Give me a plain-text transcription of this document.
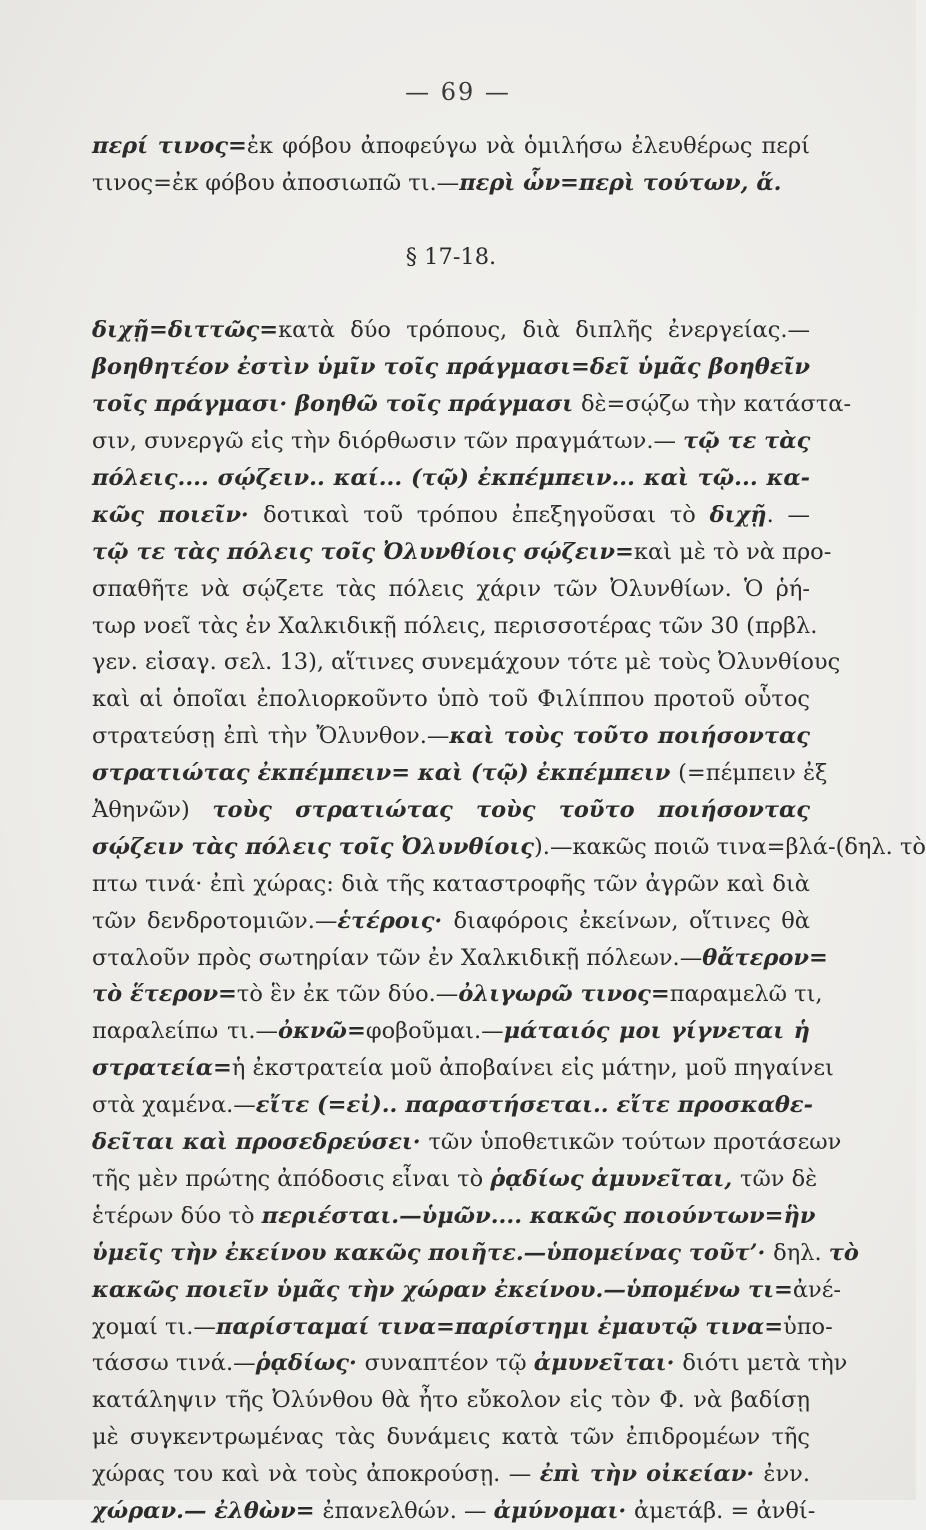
— 69 —
περί τινος=ἐκ φόβου ἀποφεύγω νὰ ὁμιλήσω ἐλευθέρως περί
τινος=ἐκ φόβου ἀποσιωπῶ τι.—περὶ ὧν=περὶ τούτων, ἅ.
§ 17-18.
διχῇ=διττῶς=κατὰ δύο τρόπους, διὰ διπλῆς ἐνεργείας.—
βοηθητέον ἐστὶν ὑμῖν τοῖς πράγμασι=δεῖ ὑμᾶς βοηθεῖν
τοῖς πράγμασι· βοηθῶ τοῖς πράγμασι δὲ=σῴζω τὴν κατάστα-
σιν, συνεργῶ εἰς τὴν διόρθωσιν τῶν πραγμάτων.— τῷ τε τὰς
πόλεις.... σῴζειν.. καί... (τῷ) ἐκπέμπειν... καὶ τῷ... κα-
κῶς ποιεῖν· δοτικαὶ τοῦ τρόπου ἐπεξηγοῦσαι τὸ διχῇ. —
τῷ τε τὰς πόλεις τοῖς Ὀλυνθίοις σῴζειν=καὶ μὲ τὸ νὰ προ-
σπαθῆτε νὰ σῴζετε τὰς πόλεις χάριν τῶν Ὀλυνθίων. Ὁ ῥή-
τωρ νοεῖ τὰς ἐν Χαλκιδικῇ πόλεις, περισσοτέρας τῶν 30 (πρβλ.
γεν. εἰσαγ. σελ. 13), αἵτινες συνεμάχουν τότε μὲ τοὺς Ὀλυνθίους
καὶ αἱ ὁποῖαι ἐπολιορκοῦντο ὑπὸ τοῦ Φιλίππου προτοῦ οὗτος
στρατεύσῃ ἐπὶ τὴν Ὄλυνθον.—καὶ τοὺς τοῦτο ποιήσοντας
στρατιώτας ἐκπέμπειν= καὶ (τῷ) ἐκπέμπειν (=πέμπειν ἐξ
Ἀθηνῶν) τοὺς στρατιώτας τοὺς τοῦτο ποιήσοντας
σῴζειν τὰς πόλεις τοῖς Ὀλυνθίοις).—κακῶς ποιῶ τινα=βλά-(δηλ. τὸ
πτω τινά· ἐπὶ χώρας: διὰ τῆς καταστροφῆς τῶν ἀγρῶν καὶ διὰ
τῶν δενδροτομιῶν.—ἑτέροις· διαφόροις ἐκείνων, οἵτινες θὰ
σταλοῦν πρὸς σωτηρίαν τῶν ἐν Χαλκιδικῇ πόλεων.—θἄτερον=
τὸ ἕτερον=τὸ ἓν ἐκ τῶν δύο.—ὀλιγωρῶ τινος=παραμελῶ τι,
παραλείπω τι.—ὀκνῶ=φοβοῦμαι.—μάταιός μοι γίγνεται ἡ
στρατεία=ἡ ἐκστρατεία μοῦ ἀποβαίνει εἰς μάτην, μοῦ πηγαίνει
στὰ χαμένα.—εἴτε (=εἰ).. παραστήσεται.. εἴτε προσκαθε-
δεῖται καὶ προσεδρεύσει· τῶν ὑποθετικῶν τούτων προτάσεων
τῆς μὲν πρώτης ἀπόδοσις εἶναι τὸ ῥᾳδίως ἀμυνεῖται, τῶν δὲ
ἑτέρων δύο τὸ περιέσται.—ὑμῶν.... κακῶς ποιούντων=ἣν
ὑμεῖς τὴν ἐκείνου κακῶς ποιῆτε.—ὑπομείνας τοῦτ’· δηλ. τὸ
κακῶς ποιεῖν ὑμᾶς τὴν χώραν ἐκείνου.—ὑπομένω τι=ἀνέ-
χομαί τι.—παρίσταμαί τινα=παρίστημι ἐμαυτῷ τινα=ὑπο-
τάσσω τινά.—ῥᾳδίως· συναπτέον τῷ ἀμυνεῖται· διότι μετὰ τὴν
κατάληψιν τῆς Ὀλύνθου θὰ ἦτο εὔκολον εἰς τὸν Φ. νὰ βαδίσῃ
μὲ συγκεντρωμένας τὰς δυνάμεις κατὰ τῶν ἐπιδρομέων τῆς
χώρας του καὶ νὰ τοὺς ἀποκρούσῃ. — ἐπὶ τὴν οἰκείαν· ἐνν.
χώραν.— ἐλθὼν= ἐπανελθών. — ἀμύνομαι· ἀμετάβ. = ἀνθί-
